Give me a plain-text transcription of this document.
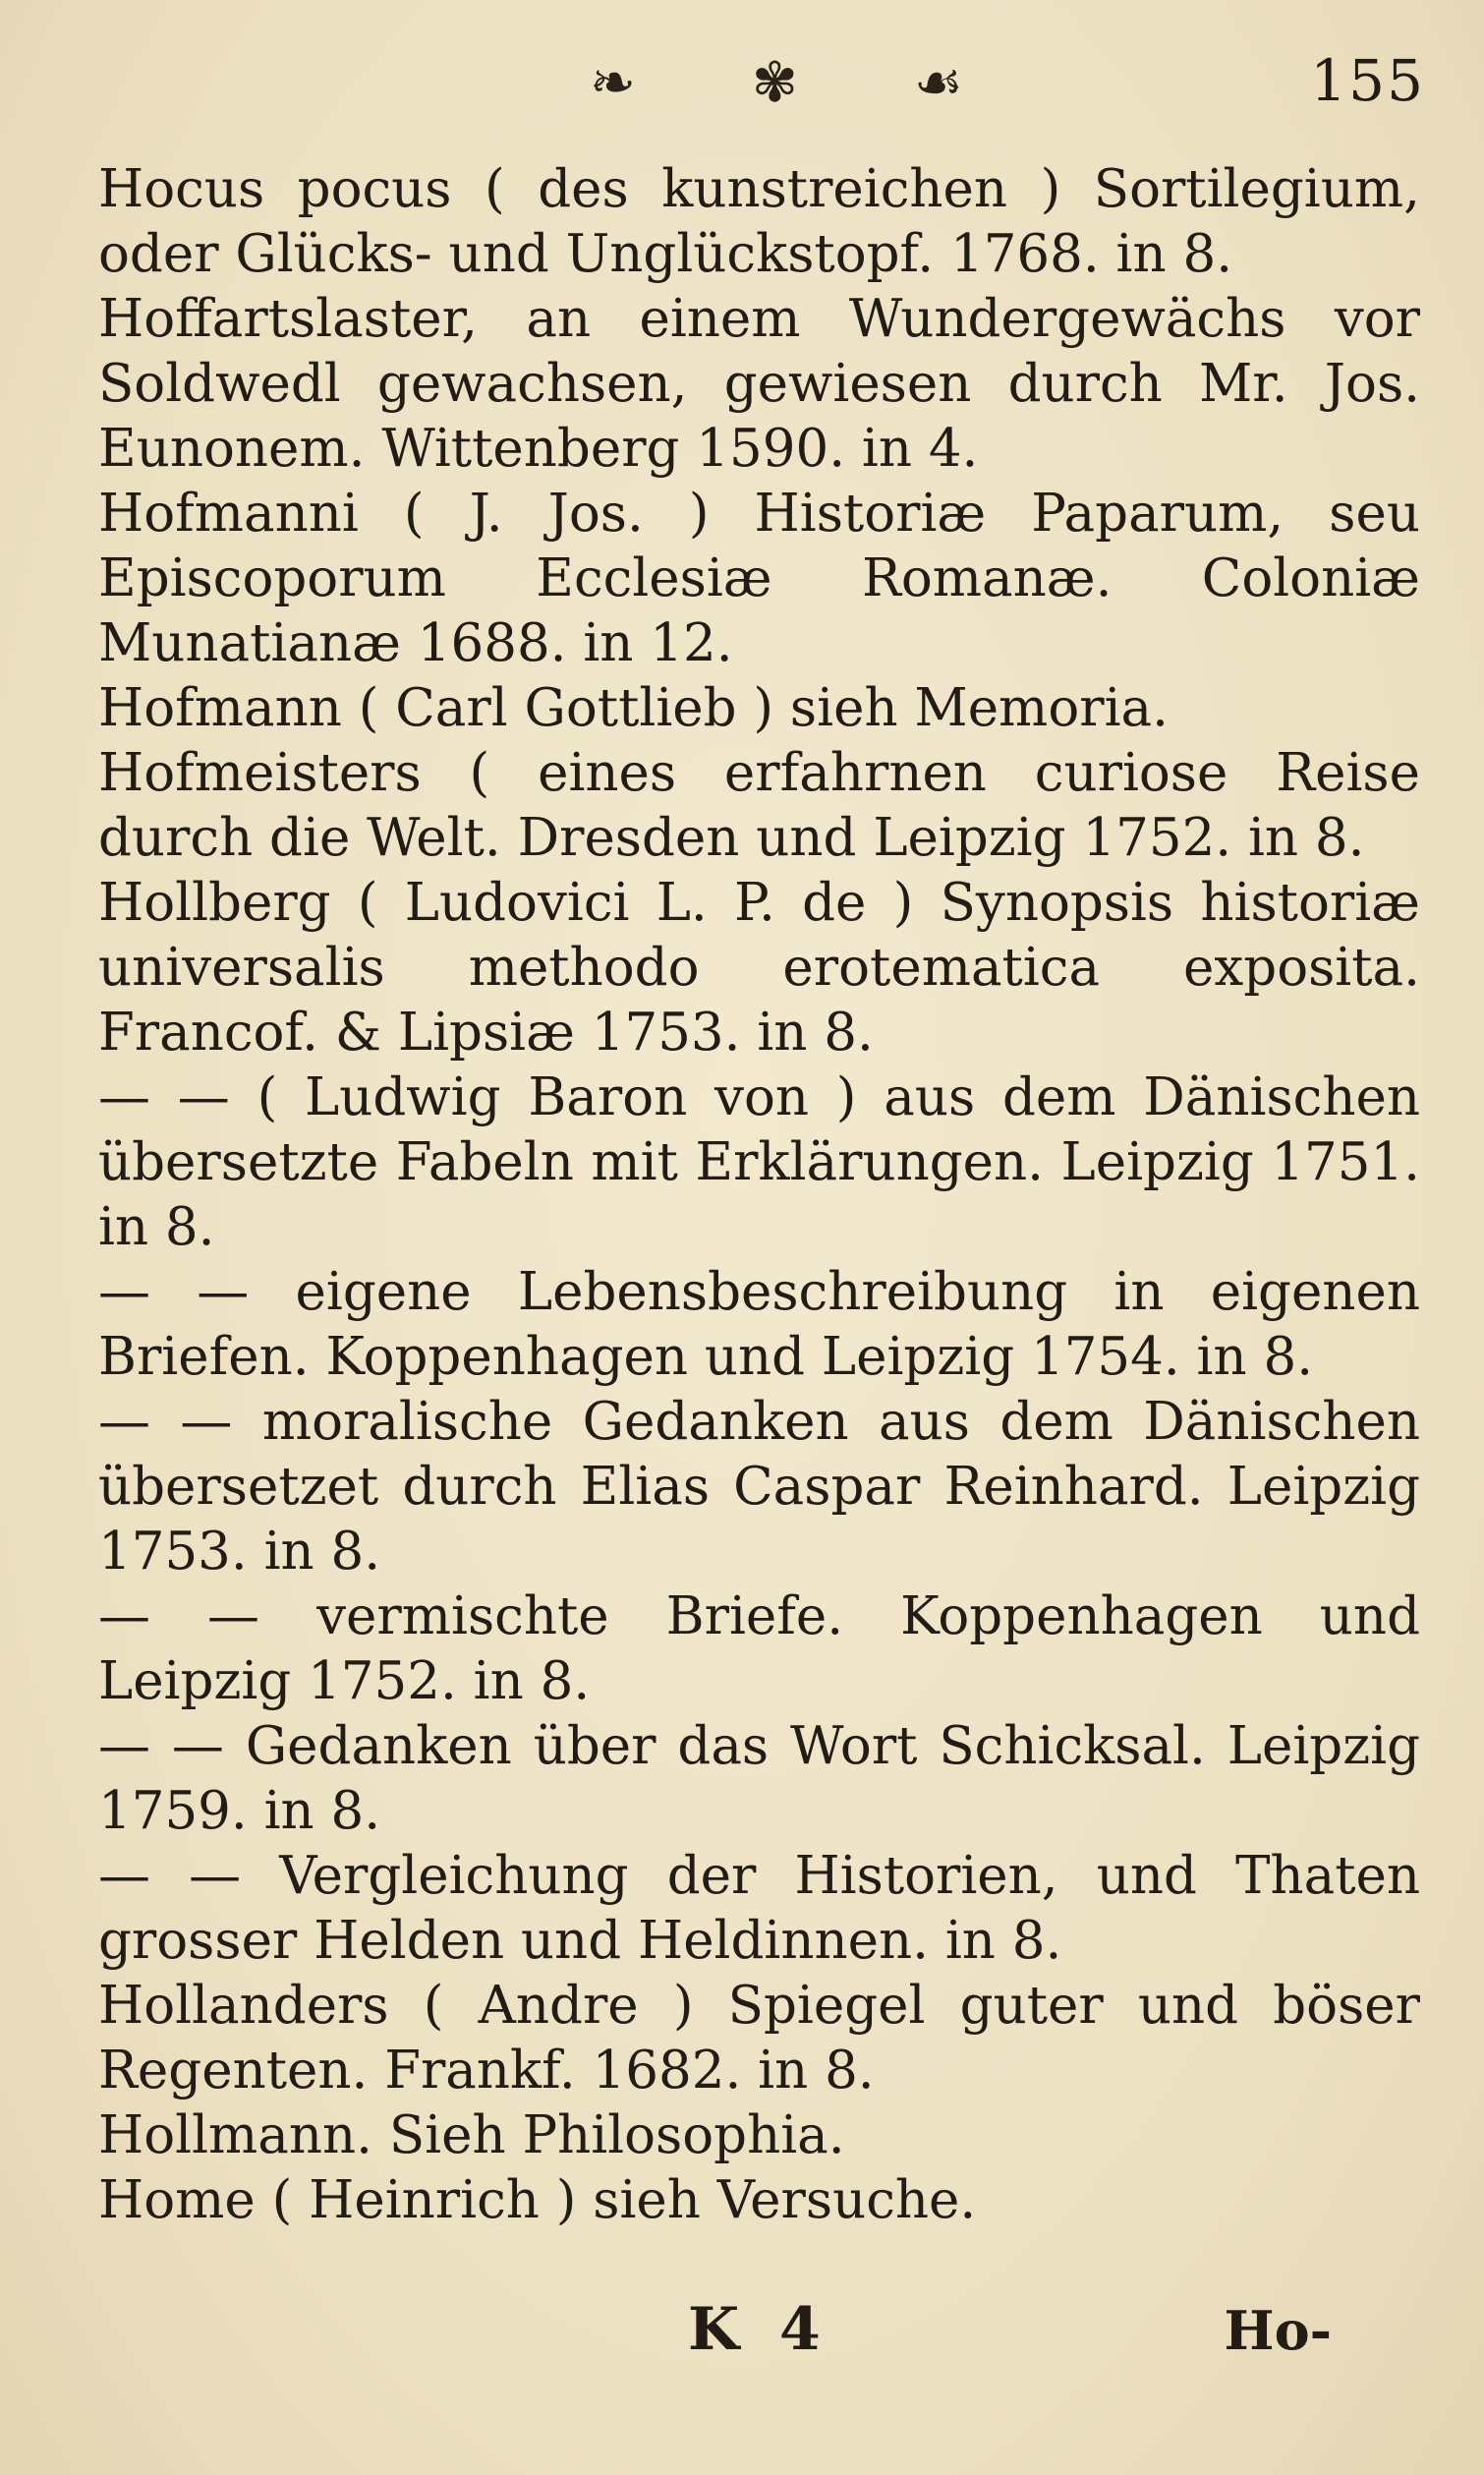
❧ ✾ ☙	155

Hocus pocus ( des kunstreichen ) Sortilegium, oder Glücks- und Unglückstopf. 1768. in 8.

Hoffartslaster, an einem Wundergewächs vor Soldwedl gewachsen, gewiesen durch Mr. Jos. Eunonem. Wittenberg 1590. in 4.

Hofmanni ( J. Jos. ) Historiæ Paparum, seu Episcoporum Ecclesiæ Romanæ. Coloniæ Munatianæ 1688. in 12.

Hofmann ( Carl Gottlieb ) sieh Memoria.

Hofmeisters ( eines erfahrnen curiose Reise durch die Welt. Dresden und Leipzig 1752. in 8.

Hollberg ( Ludovici L. P. de ) Synopsis historiæ universalis methodo erotematica exposita. Francof. & Lipsiæ 1753. in 8.

— — ( Ludwig Baron von ) aus dem Dänischen übersetzte Fabeln mit Erklärungen. Leipzig 1751. in 8.

— — eigene Lebensbeschreibung in eigenen Briefen. Koppenhagen und Leipzig 1754. in 8.

— — moralische Gedanken aus dem Dänischen übersetzet durch Elias Caspar Reinhard. Leipzig 1753. in 8.

— — vermischte Briefe. Koppenhagen und Leipzig 1752. in 8.

— — Gedanken über das Wort Schicksal. Leipzig 1759. in 8.

— — Vergleichung der Historien, und Thaten grosser Helden und Heldinnen. in 8.

Hollanders ( Andre ) Spiegel guter und böser Regenten. Frankf. 1682. in 8.

Hollmann. Sieh Philosophia.

Home ( Heinrich ) sieh Versuche.

K 4	Ho-
